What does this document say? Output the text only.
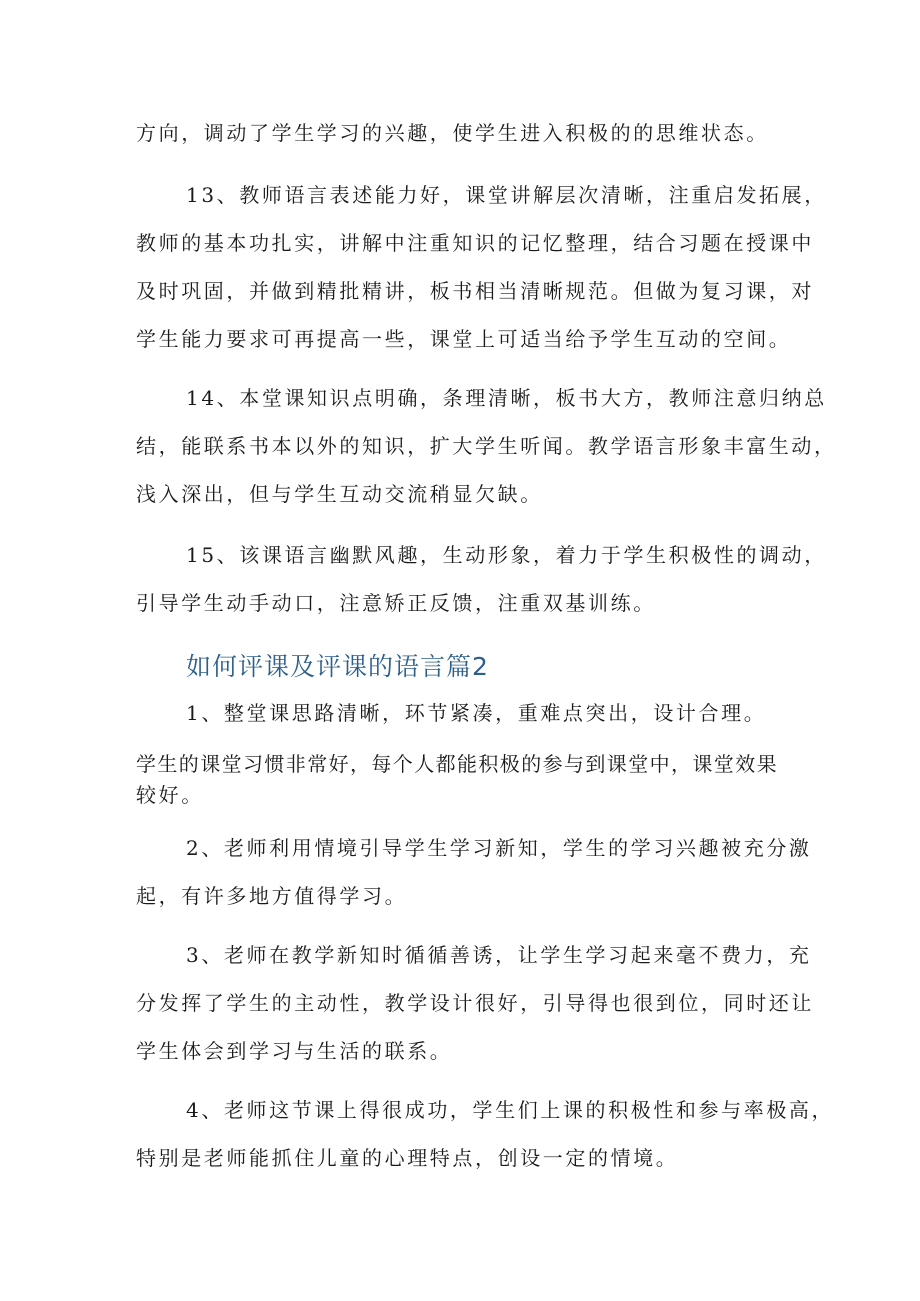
方向，调动了学生学习的兴趣，使学生进入积极的的思维状态。
13、教师语言表述能力好，课堂讲解层次清晰，注重启发拓展，
教师的基本功扎实，讲解中注重知识的记忆整理，结合习题在授课中
及时巩固，并做到精批精讲，板书相当清晰规范。但做为复习课，对
学生能力要求可再提高一些，课堂上可适当给予学生互动的空间。
14、本堂课知识点明确，条理清晰，板书大方，教师注意归纳总
结，能联系书本以外的知识，扩大学生听闻。教学语言形象丰富生动，
浅入深出，但与学生互动交流稍显欠缺。
15、该课语言幽默风趣，生动形象，着力于学生积极性的调动，
引导学生动手动口，注意矫正反馈，注重双基训练。
如何评课及评课的语言篇2
1、整堂课思路清晰，环节紧凑，重难点突出，设计合理。
学生的课堂习惯非常好，每个人都能积极的参与到课堂中，课堂效果
较好。
2、老师利用情境引导学生学习新知，学生的学习兴趣被充分激
起，有许多地方值得学习。
3、老师在教学新知时循循善诱，让学生学习起来毫不费力，充
分发挥了学生的主动性，教学设计很好，引导得也很到位，同时还让
学生体会到学习与生活的联系。
4、老师这节课上得很成功，学生们上课的积极性和参与率极高，
特别是老师能抓住儿童的心理特点，创设一定的情境。
